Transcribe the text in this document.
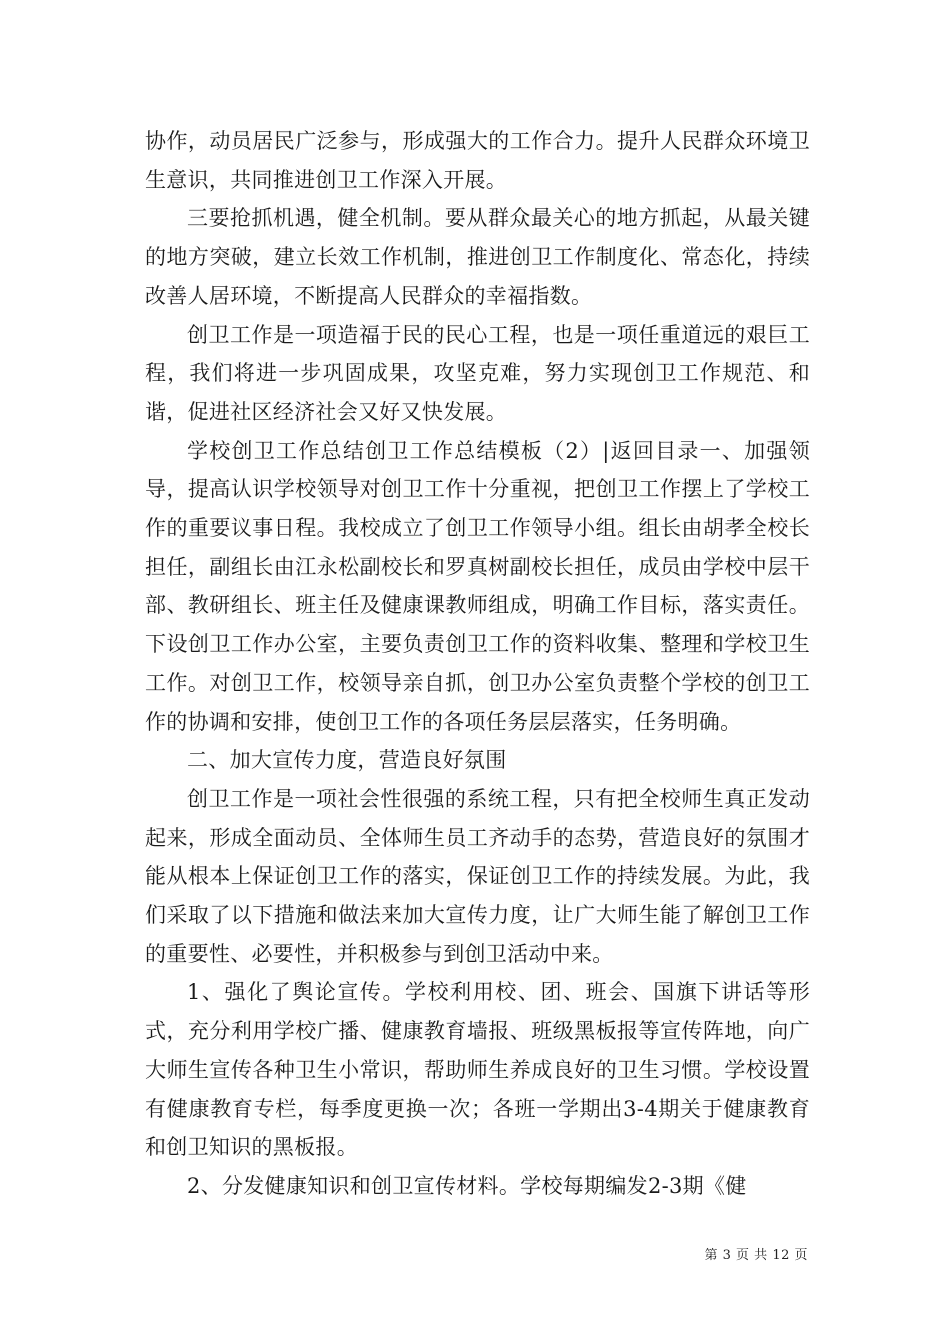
协作，动员居民广泛参与，形成强大的工作合力。提升人民群众环境卫生意识，共同推进创卫工作深入开展。

三要抢抓机遇，健全机制。要从群众最关心的地方抓起，从最关键的地方突破，建立长效工作机制，推进创卫工作制度化、常态化，持续改善人居环境，不断提高人民群众的幸福指数。

创卫工作是一项造福于民的民心工程，也是一项任重道远的艰巨工程，我们将进一步巩固成果，攻坚克难，努力实现创卫工作规范、和谐，促进社区经济社会又好又快发展。

学校创卫工作总结创卫工作总结模板（2）|返回目录一、加强领导，提高认识学校领导对创卫工作十分重视，把创卫工作摆上了学校工作的重要议事日程。我校成立了创卫工作领导小组。组长由胡孝全校长担任，副组长由江永松副校长和罗真树副校长担任，成员由学校中层干部、教研组长、班主任及健康课教师组成，明确工作目标，落实责任。下设创卫工作办公室，主要负责创卫工作的资料收集、整理和学校卫生工作。对创卫工作，校领导亲自抓，创卫办公室负责整个学校的创卫工作的协调和安排，使创卫工作的各项任务层层落实，任务明确。

二、加大宣传力度，营造良好氛围

创卫工作是一项社会性很强的系统工程，只有把全校师生真正发动起来，形成全面动员、全体师生员工齐动手的态势，营造良好的氛围才能从根本上保证创卫工作的落实，保证创卫工作的持续发展。为此，我们采取了以下措施和做法来加大宣传力度，让广大师生能了解创卫工作的重要性、必要性，并积极参与到创卫活动中来。

1、强化了舆论宣传。学校利用校、团、班会、国旗下讲话等形式，充分利用学校广播、健康教育墙报、班级黑板报等宣传阵地，向广大师生宣传各种卫生小常识，帮助师生养成良好的卫生习惯。学校设置有健康教育专栏，每季度更换一次；各班一学期出3-4期关于健康教育和创卫知识的黑板报。

2、分发健康知识和创卫宣传材料。学校每期编发2-3期《健

第 3 页 共 12 页
